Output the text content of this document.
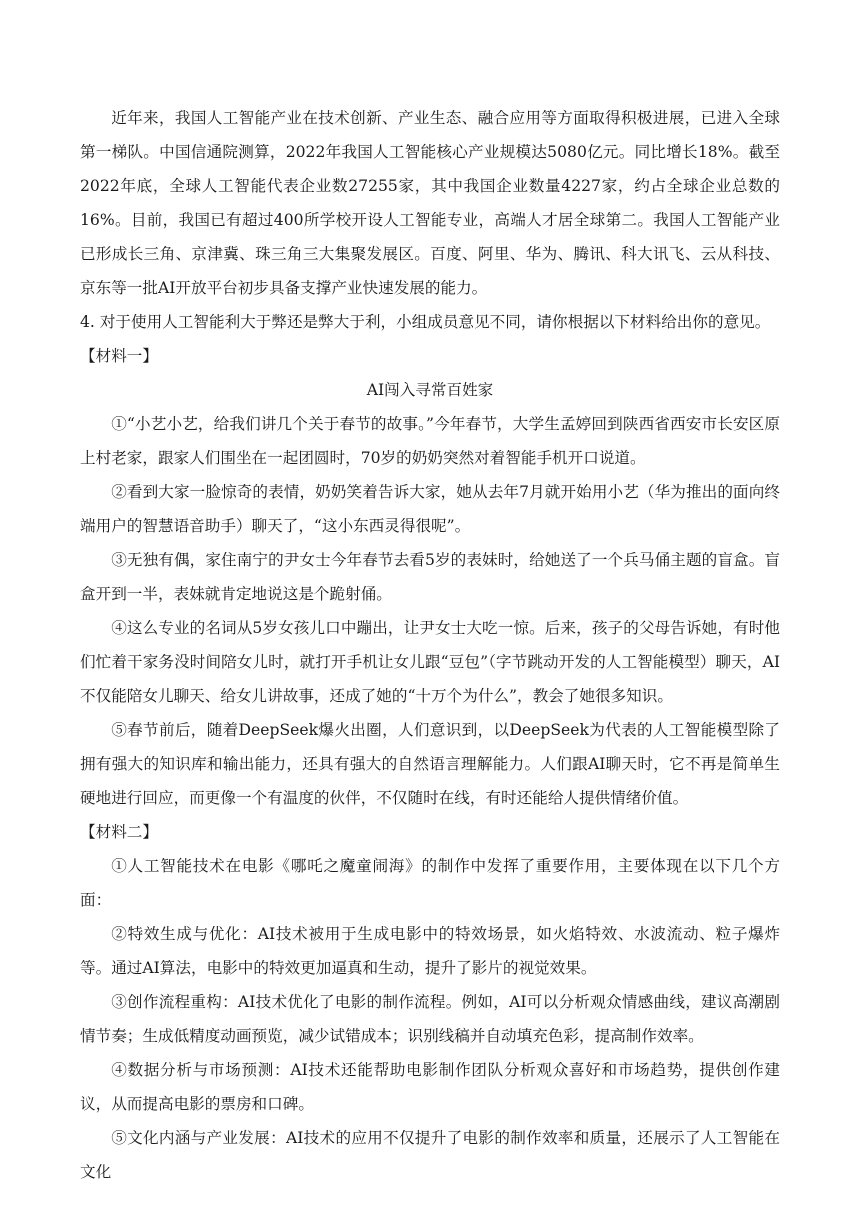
近年来，我国人工智能产业在技术创新、产业生态、融合应用等方面取得积极进展，已进入全球第一梯队。中国信通院测算，2022年我国人工智能核心产业规模达5080亿元。同比增长18%。截至2022年底，全球人工智能代表企业数27255家，其中我国企业数量4227家，约占全球企业总数的16%。目前，我国已有超过400所学校开设人工智能专业，高端人才居全球第二。我国人工智能产业已形成长三角、京津冀、珠三角三大集聚发展区。百度、阿里、华为、腾讯、科大讯飞、云从科技、京东等一批AI开放平台初步具备支撑产业快速发展的能力。

4. 对于使用人工智能利大于弊还是弊大于利，小组成员意见不同，请你根据以下材料给出你的意见。

【材料一】

AI闯入寻常百姓家

①“小艺小艺，给我们讲几个关于春节的故事。”今年春节，大学生孟婷回到陕西省西安市长安区原上村老家，跟家人们围坐在一起团圆时，70岁的奶奶突然对着智能手机开口说道。

②看到大家一脸惊奇的表情，奶奶笑着告诉大家，她从去年7月就开始用小艺（华为推出的面向终端用户的智慧语音助手）聊天了，“这小东西灵得很呢”。

③无独有偶，家住南宁的尹女士今年春节去看5岁的表妹时，给她送了一个兵马俑主题的盲盒。盲盒开到一半，表妹就肯定地说这是个跪射俑。

④这么专业的名词从5岁女孩儿口中蹦出，让尹女士大吃一惊。后来，孩子的父母告诉她，有时他们忙着干家务没时间陪女儿时，就打开手机让女儿跟“豆包”（字节跳动开发的人工智能模型）聊天，AI不仅能陪女儿聊天、给女儿讲故事，还成了她的“十万个为什么”，教会了她很多知识。

⑤春节前后，随着DeepSeek爆火出圈，人们意识到，以DeepSeek为代表的人工智能模型除了拥有强大的知识库和输出能力，还具有强大的自然语言理解能力。人们跟AI聊天时，它不再是简单生硬地进行回应，而更像一个有温度的伙伴，不仅随时在线，有时还能给人提供情绪价值。

【材料二】

①人工智能技术在电影《哪吒之魔童闹海》的制作中发挥了重要作用，主要体现在以下几个方面：

②特效生成与优化：AI技术被用于生成电影中的特效场景，如火焰特效、水波流动、粒子爆炸等。通过AI算法，电影中的特效更加逼真和生动，提升了影片的视觉效果。

③创作流程重构：AI技术优化了电影的制作流程。例如，AI可以分析观众情感曲线，建议高潮剧情节奏；生成低精度动画预览，减少试错成本；识别线稿并自动填充色彩，提高制作效率。

④数据分析与市场预测：AI技术还能帮助电影制作团队分析观众喜好和市场趋势，提供创作建议，从而提高电影的票房和口碑。

⑤文化内涵与产业发展：AI技术的应用不仅提升了电影的制作效率和质量，还展示了人工智能在文化
